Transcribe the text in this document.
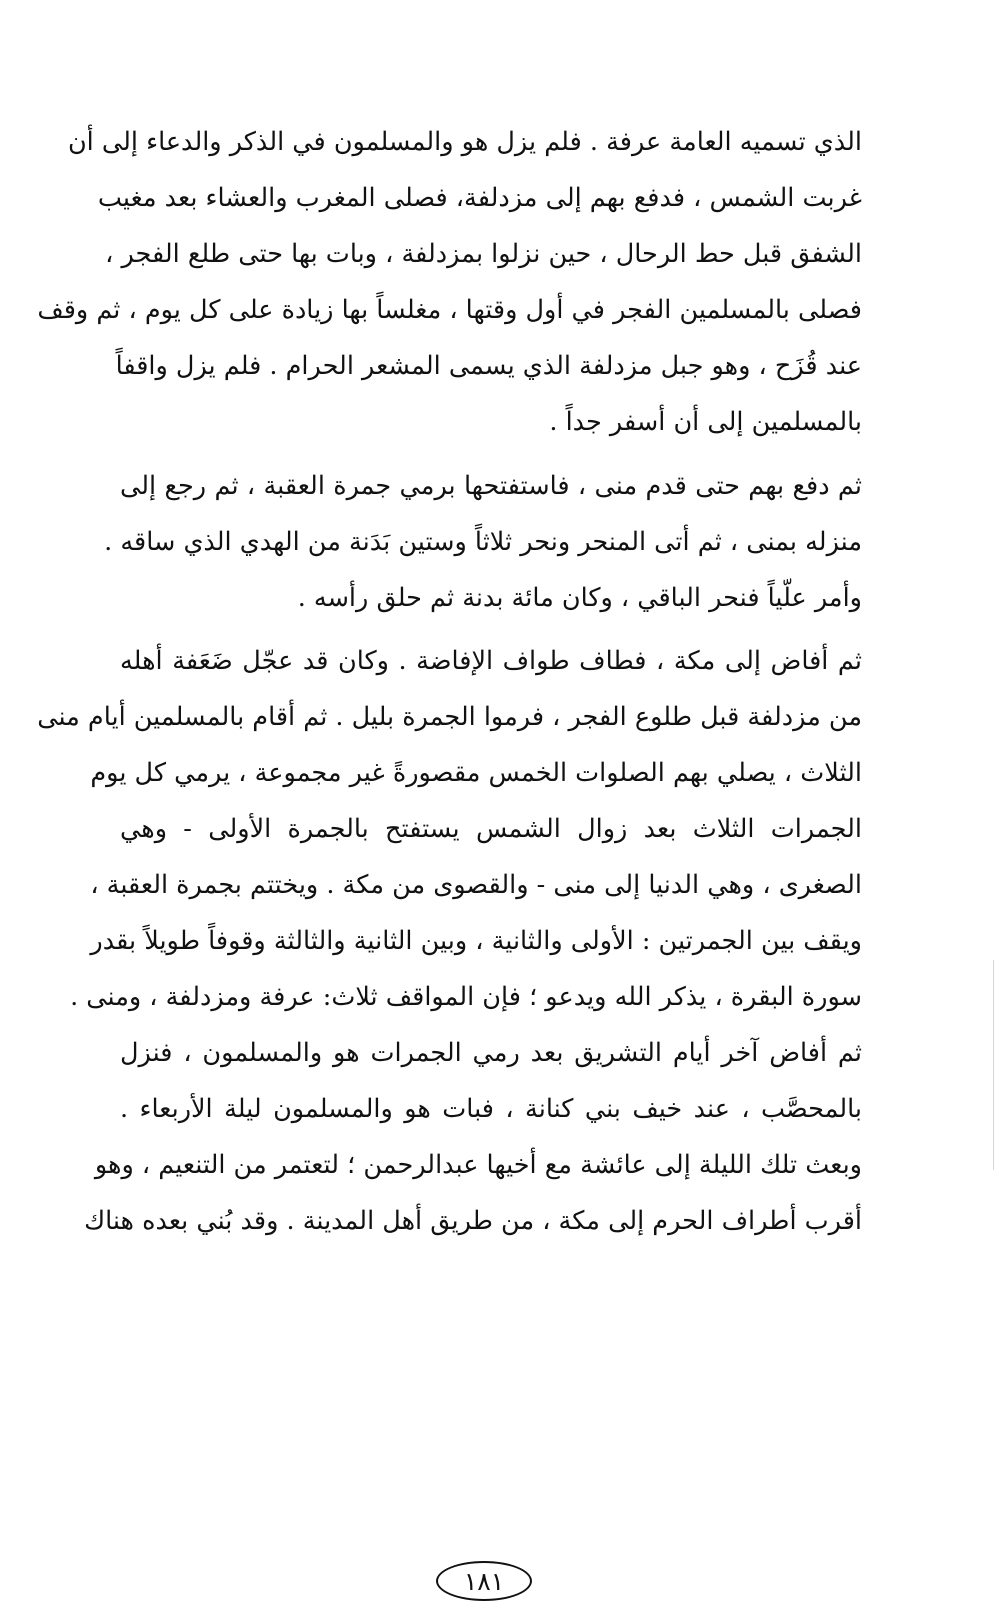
الذي تسميه العامة عرفة . فلم يزل هو والمسلمون في الذكر والدعاء إلى أن
غربت الشمس ، فدفع بهم إلى مزدلفة، فصلى المغرب والعشاء بعد مغيب
الشفق قبل حط الرحال ، حين نزلوا بمزدلفة ، وبات بها حتى طلع الفجر ،
فصلى بالمسلمين الفجر في أول وقتها ، مغلساً بها زيادة على كل يوم ، ثم وقف
عند قُزَح ، وهو جبل مزدلفة الذي يسمى المشعر الحرام . فلم يزل واقفاً
بالمسلمين إلى أن أسفر جداً .
ثم دفع بهم حتى قدم منى ، فاستفتحها برمي جمرة العقبة ، ثم رجع إلى
منزله بمنى ، ثم أتى المنحر ونحر ثلاثاً وستين بَدَنة من الهدي الذي ساقه .
وأمر علّياً فنحر الباقي ، وكان مائة بدنة ثم حلق رأسه .
ثم أفاض إلى مكة ، فطاف طواف الإفاضة . وكان قد عجّل ضَعَفة أهله
من مزدلفة قبل طلوع الفجر ، فرموا الجمرة بليل . ثم أقام بالمسلمين أيام منى
الثلاث ، يصلي بهم الصلوات الخمس مقصورةً غير مجموعة ، يرمي كل يوم
الجمرات الثلاث بعد زوال الشمس يستفتح بالجمرة الأولى - وهي
الصغرى ، وهي الدنيا إلى منى - والقصوى من مكة . ويختتم بجمرة العقبة ،
ويقف بين الجمرتين : الأولى والثانية ، وبين الثانية والثالثة وقوفاً طويلاً بقدر
سورة البقرة ، يذكر الله ويدعو ؛ فإن المواقف ثلاث: عرفة ومزدلفة ، ومنى .
ثم أفاض آخر أيام التشريق بعد رمي الجمرات هو والمسلمون ، فنزل
بالمحصَّب ، عند خيف بني كنانة ، فبات هو والمسلمون ليلة الأربعاء .
وبعث تلك الليلة إلى عائشة مع أخيها عبدالرحمن ؛ لتعتمر من التنعيم ، وهو
أقرب أطراف الحرم إلى مكة ، من طريق أهل المدينة . وقد بُني بعده هناك
١٨١
